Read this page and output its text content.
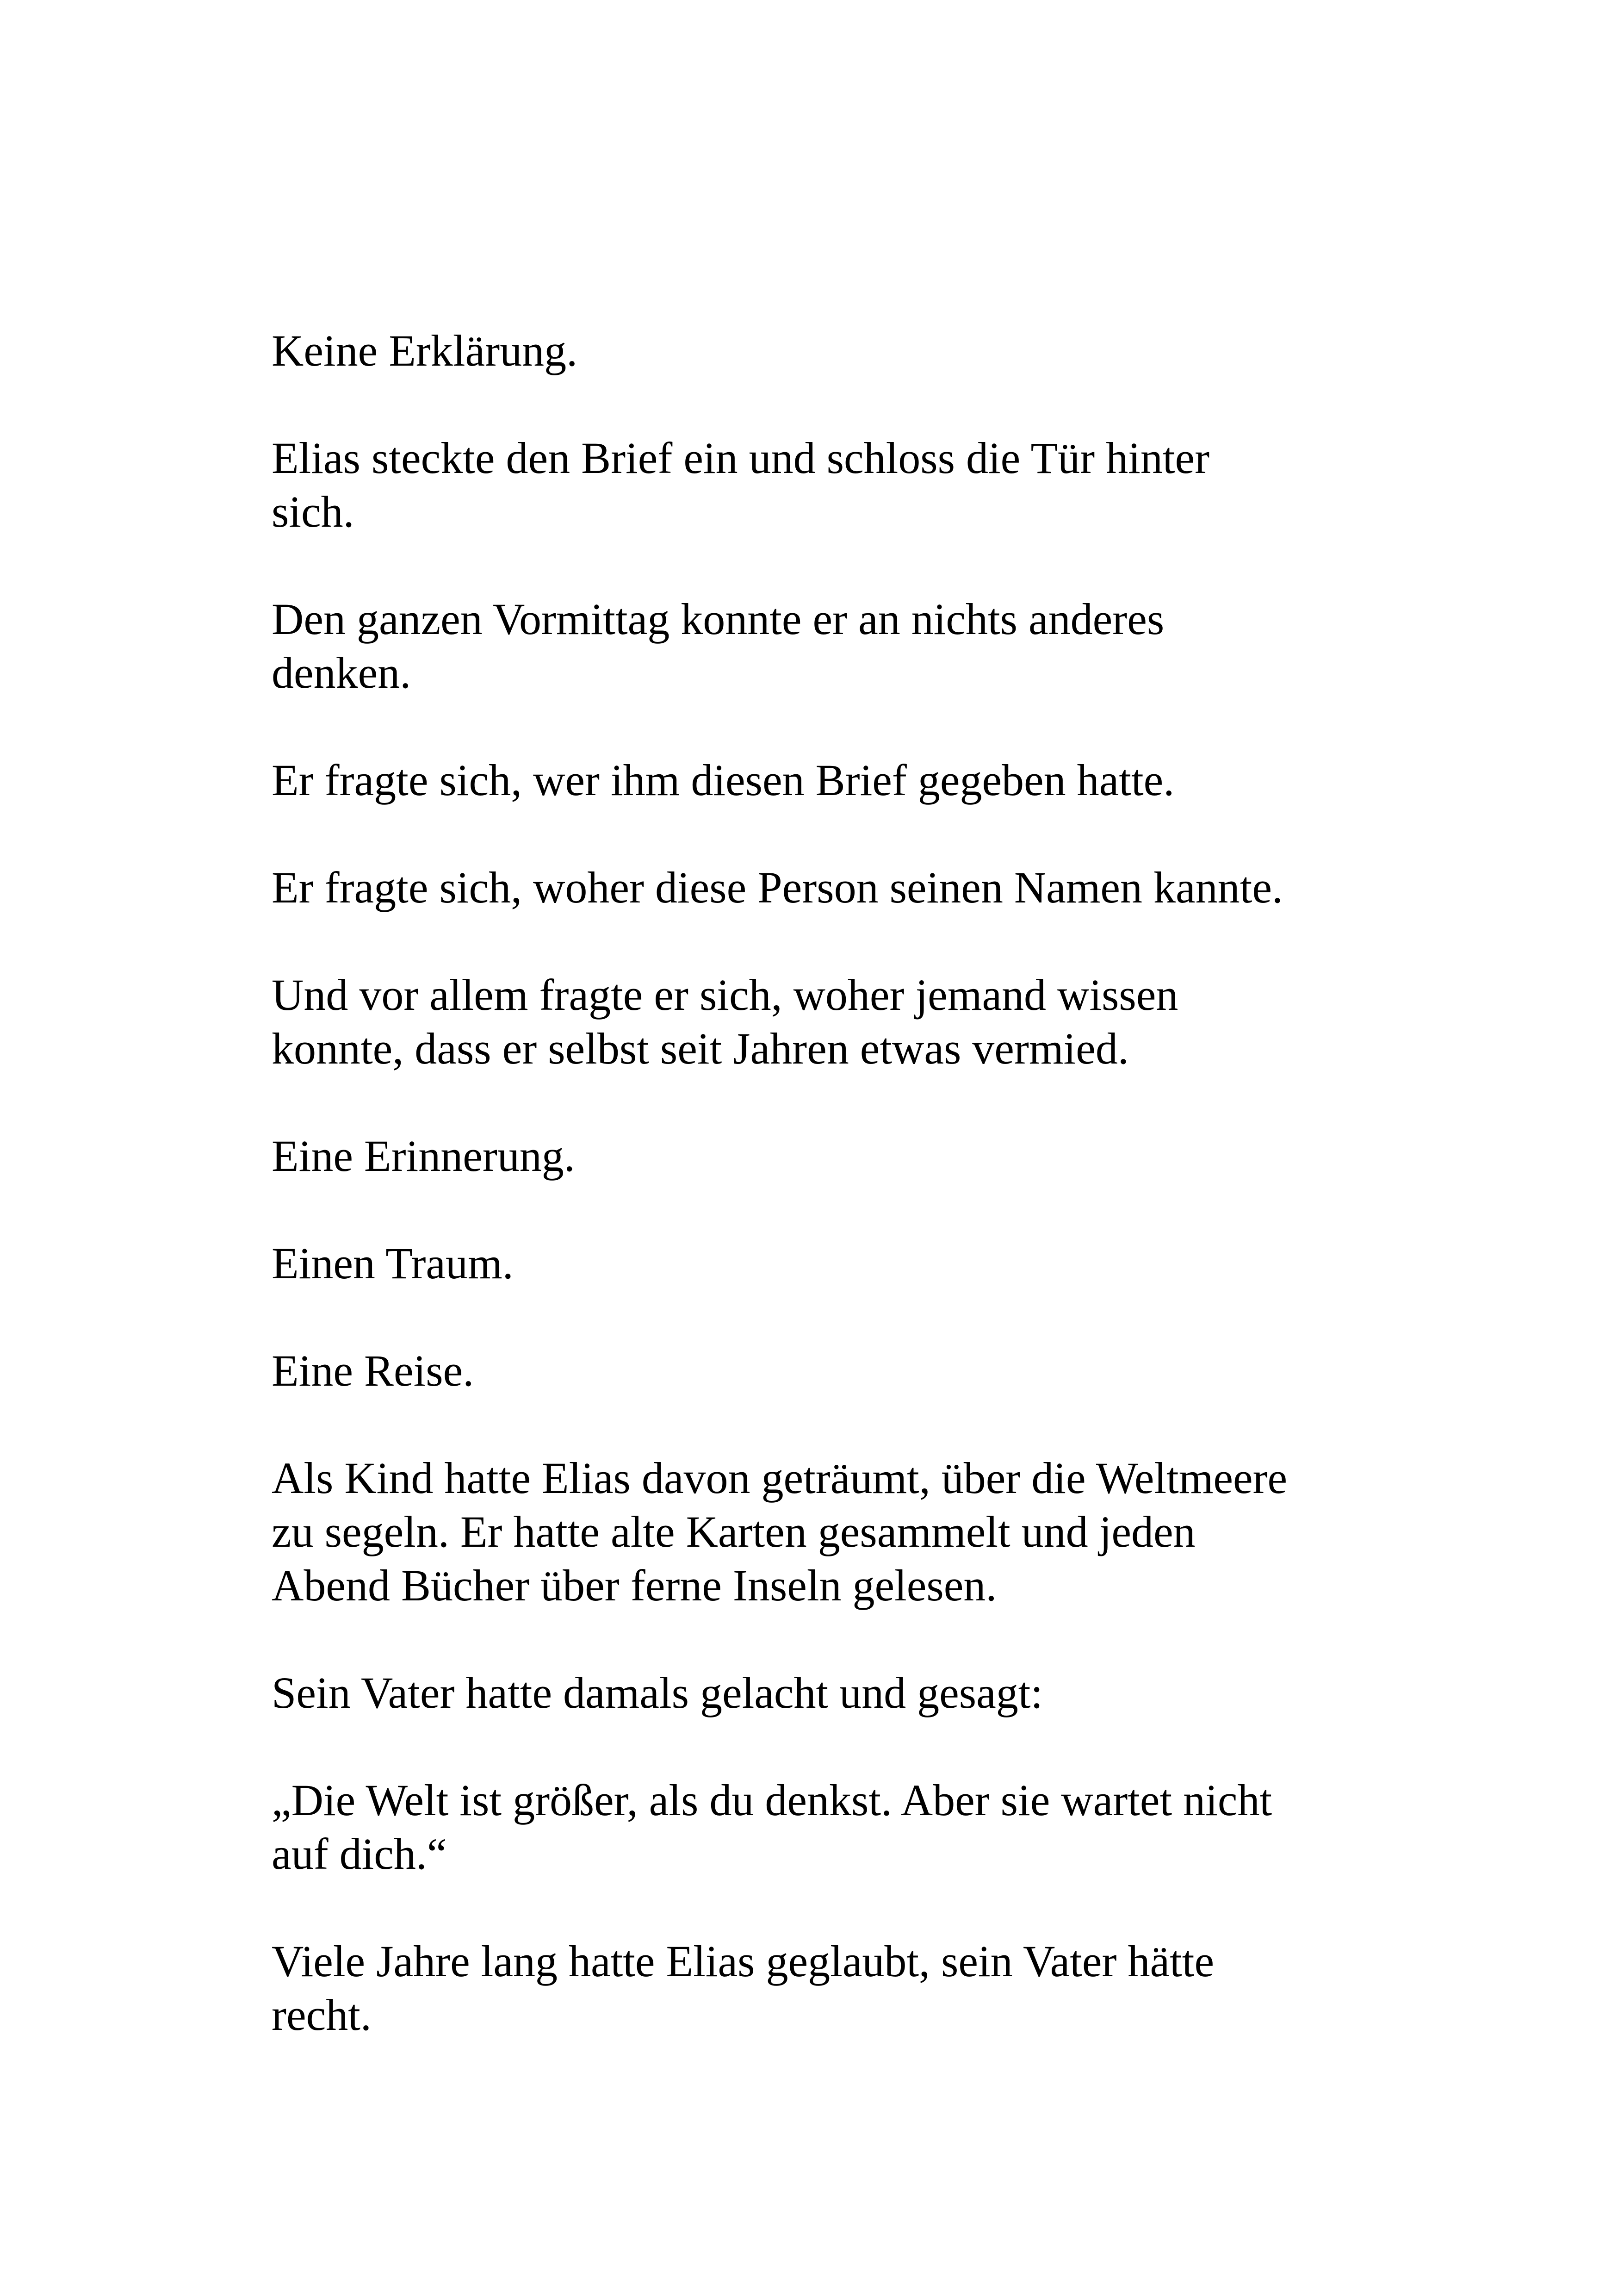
Keine Erklärung.

Elias steckte den Brief ein und schloss die Tür hinter
sich.

Den ganzen Vormittag konnte er an nichts anderes
denken.

Er fragte sich, wer ihm diesen Brief gegeben hatte.

Er fragte sich, woher diese Person seinen Namen kannte.

Und vor allem fragte er sich, woher jemand wissen
konnte, dass er selbst seit Jahren etwas vermied.

Eine Erinnerung.

Einen Traum.

Eine Reise.

Als Kind hatte Elias davon geträumt, über die Weltmeere
zu segeln. Er hatte alte Karten gesammelt und jeden
Abend Bücher über ferne Inseln gelesen.

Sein Vater hatte damals gelacht und gesagt:

„Die Welt ist größer, als du denkst. Aber sie wartet nicht
auf dich.“

Viele Jahre lang hatte Elias geglaubt, sein Vater hätte
recht.
